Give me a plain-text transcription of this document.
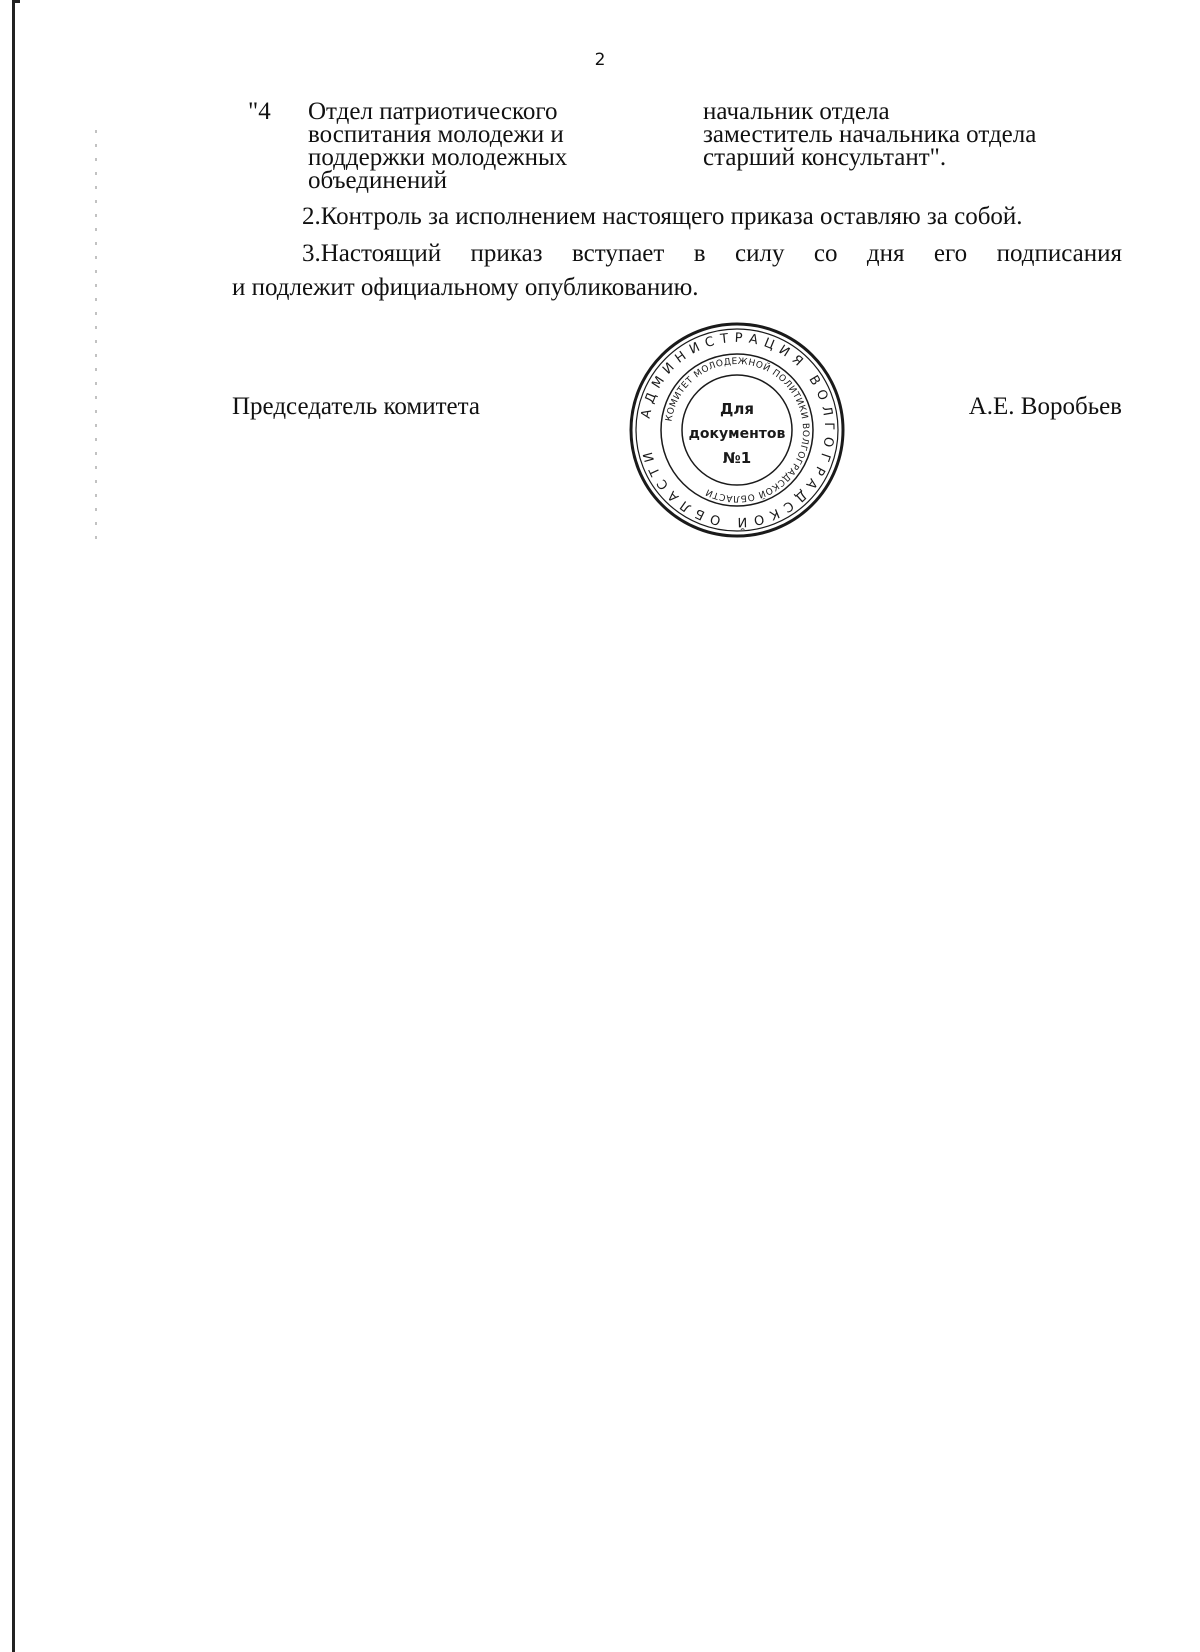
2
"4 Отдел патриотического
воспитания молодежи и
поддержки молодежных
объединений
начальник отдела
заместитель начальника отдела
старший консультант".
2.Контроль за исполнением настоящего приказа оставляю за собой.
3.Настоящий приказ вступает в силу со дня его подписания
и подлежит официальному опубликованию.
Председатель комитета	А.Е. Воробьев
АДМИНИСТРАЦИЯ ВОЛГОГРАДСКОЙ ОБЛАСТИ
КОМИТЕТ МОЛОДЕЖНОЙ ПОЛИТИКИ ВОЛГОГРАДСКОЙ ОБЛАСТИ
Для
документов
№1
